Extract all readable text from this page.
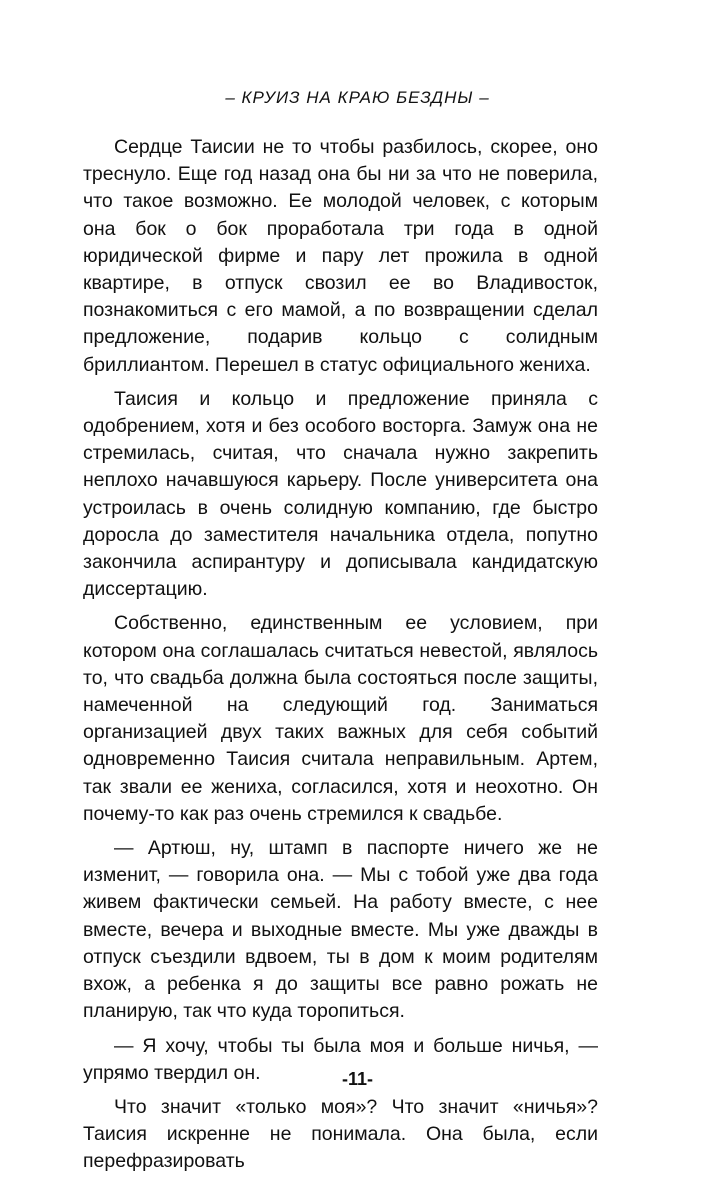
– КРУИЗ НА КРАЮ БЕЗДНЫ –

Сердце Таисии не то чтобы разбилось, скорее, оно треснуло. Еще год назад она бы ни за что не поверила, что такое возможно. Ее молодой человек, с которым она бок о бок проработала три года в одной юридической фирме и пару лет прожила в одной квартире, в отпуск свозил ее во Владивосток, познакомиться с его мамой, а по возвращении сделал предложение, подарив кольцо с солидным бриллиантом. Перешел в статус официального жениха.

Таисия и кольцо и предложение приняла с одобрением, хотя и без особого восторга. Замуж она не стремилась, считая, что сначала нужно закрепить неплохо начавшуюся карьеру. После университета она устроилась в очень солидную компанию, где быстро доросла до заместителя начальника отдела, попутно закончила аспирантуру и дописывала кандидатскую диссертацию.

Собственно, единственным ее условием, при котором она соглашалась считаться невестой, являлось то, что свадьба должна была состояться после защиты, намеченной на следующий год. Заниматься организацией двух таких важных для себя событий одновременно Таисия считала неправильным. Артем, так звали ее жениха, согласился, хотя и неохотно. Он почему-то как раз очень стремился к свадьбе.

— Артюш, ну, штамп в паспорте ничего же не изменит, — говорила она. — Мы с тобой уже два года живем фактически семьей. На работу вместе, с нее вместе, вечера и выходные вместе. Мы уже дважды в отпуск съездили вдвоем, ты в дом к моим родителям вхож, а ребенка я до защиты все равно рожать не планирую, так что куда торопиться.

— Я хочу, чтобы ты была моя и больше ничья, — упрямо твердил он.

Что значит «только моя»? Что значит «ничья»? Таисия искренне не понимала. Она была, если перефразировать

-11-
